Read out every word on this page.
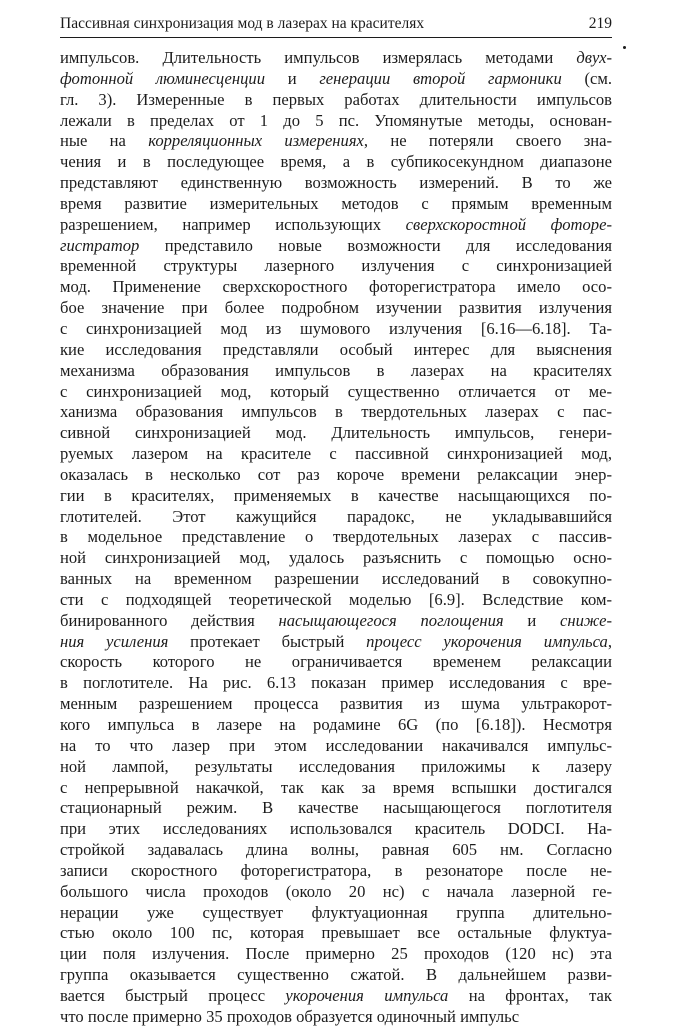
Пассивная синхронизация мод в лазерах на красителях	219
импульсов. Длительность импульсов измерялась методами двух-
фотонной люминесценции и генерации второй гармоники (см.
гл. 3). Измеренные в первых работах длительности импульсов
лежали в пределах от 1 до 5 пс. Упомянутые методы, основан-
ные на корреляционных измерениях, не потеряли своего зна-
чения и в последующее время, а в субпикосекундном диапазоне
представляют единственную возможность измерений. В то же
время развитие измерительных методов с прямым временным
разрешением, например использующих сверхскоростной фоторе-
гистратор представило новые возможности для исследования
временной структуры лазерного излучения с синхронизацией
мод. Применение сверхскоростного фоторегистратора имело осо-
бое значение при более подробном изучении развития излучения
с синхронизацией мод из шумового излучения [6.16—6.18]. Та-
кие исследования представляли особый интерес для выяснения
механизма образования импульсов в лазерах на красителях
с синхронизацией мод, который существенно отличается от ме-
ханизма образования импульсов в твердотельных лазерах с пас-
сивной синхронизацией мод. Длительность импульсов, генери-
руемых лазером на красителе с пассивной синхронизацией мод,
оказалась в несколько сот раз короче времени релаксации энер-
гии в красителях, применяемых в качестве насыщающихся по-
глотителей. Этот кажущийся парадокс, не укладывавшийся
в модельное представление о твердотельных лазерах с пассив-
ной синхронизацией мод, удалось разъяснить с помощью осно-
ванных на временном разрешении исследований в совокупно-
сти с подходящей теоретической моделью [6.9]. Вследствие ком-
бинированного действия насыщающегося поглощения и сниже-
ния усиления протекает быстрый процесс укорочения импульса,
скорость которого не ограничивается временем релаксации
в поглотителе. На рис. 6.13 показан пример исследования с вре-
менным разрешением процесса развития из шума ультракорот-
кого импульса в лазере на родамине 6G (по [6.18]). Несмотря
на то что лазер при этом исследовании накачивался импульс-
ной лампой, результаты исследования приложимы к лазеру
с непрерывной накачкой, так как за время вспышки достигался
стационарный режим. В качестве насыщающегося поглотителя
при этих исследованиях использовался краситель DODCI. На-
стройкой задавалась длина волны, равная 605 нм. Согласно
записи скоростного фоторегистратора, в резонаторе после не-
большого числа проходов (около 20 нс) с начала лазерной ге-
нерации уже существует флуктуационная группа длительно-
стью около 100 пс, которая превышает все остальные флуктуа-
ции поля излучения. После примерно 25 проходов (120 нс) эта
группа оказывается существенно сжатой. В дальнейшем разви-
вается быстрый процесс укорочения импульса на фронтах, так
что после примерно 35 проходов образуется одиночный импульс
